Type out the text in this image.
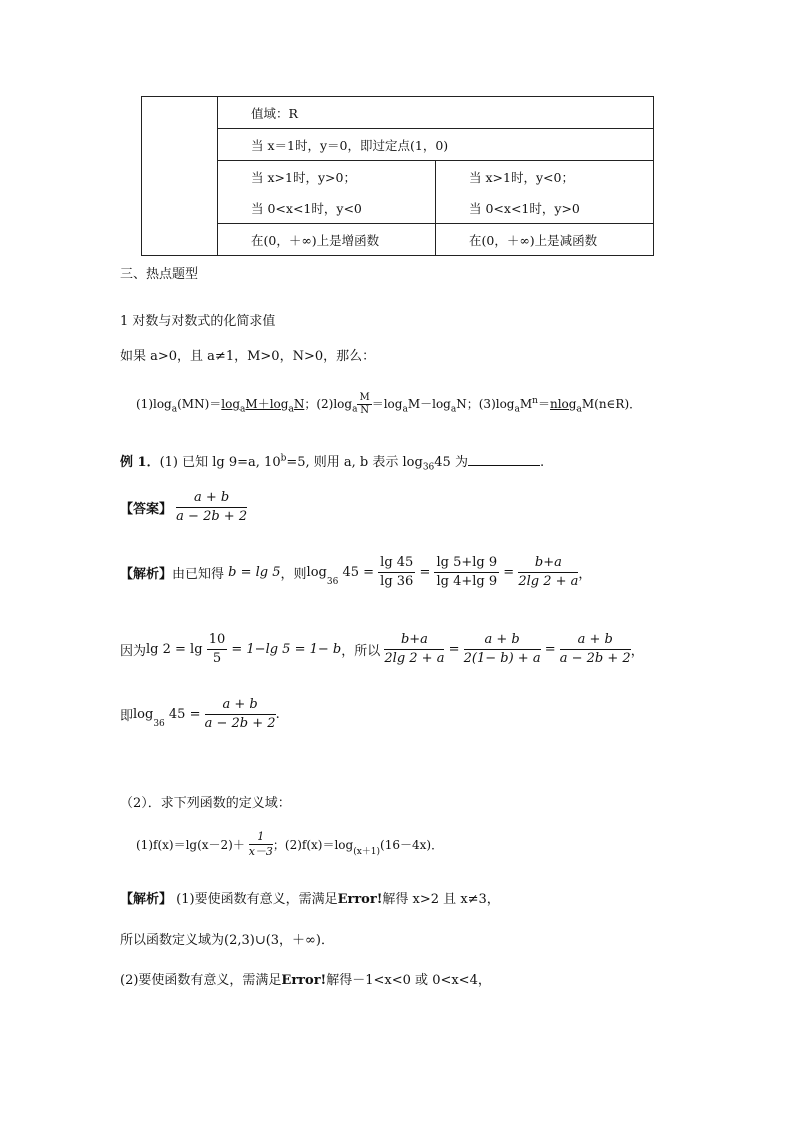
	值域：R	
	当 x＝1时，y＝0，即过定点(1，0)	
	当 x>1时，y>0；	当 x>1时，y<0；
	当 0<x<1时，y<0	当 0<x<1时，y>0
	在(0，＋∞)上是增函数	在(0，＋∞)上是减函数
三、热点题型
1 对数与对数式的化简求值
如果 a>0，且 a≠1，M>0，N>0，那么：
$(1)\log_a(MN)=\log_aM+\log_aN$；$(2)\log_a \frac{M}{N} =\log_aM-\log_aN$；$(3)\log_aM^n=nlog_aM(n\in R)$．
例 1．(1) 已知 lg 9=a, $10^b=5$, 则用 a, b 表示 $\log_{36}45$ 为	.
【答案】 $\frac{a + b}{a - 2b + 2}$
【解析】由已知得 b = lg 5，则$\log_{36} 45 = \frac{\lg 45}{\lg 36} = \frac{\lg 5+\lg 9}{\lg 4+\lg 9} = \frac{b+a}{2\lg 2 + a}$ ，
因为$\lg 2 = \lg \frac{10}{5} = 1-\lg$ 5 = 1− b，所以 $\frac{b+a}{2\lg 2 + a} = \frac{a + b}{2(1- b) + a} = \frac{a + b}{a - 2b + 2}$ ，
即$\log_{36} 45 = \frac{a + b}{a - 2b + 2}$ .
（2）．求下列函数的定义域：
$(1)f(x)=\lg(x-2)+ \frac{1}{x-3}$ ；$(2)f(x)=\log_{(x+1)}(16-4x)$．
【解析】 (1)要使函数有意义，需满足Error!解得 x>2 且 x≠3，
所以函数定义域为(2,3)∪(3，＋∞)．
(2)要使函数有意义，需满足Error!解得－1<x<0 或 0<x<4，
